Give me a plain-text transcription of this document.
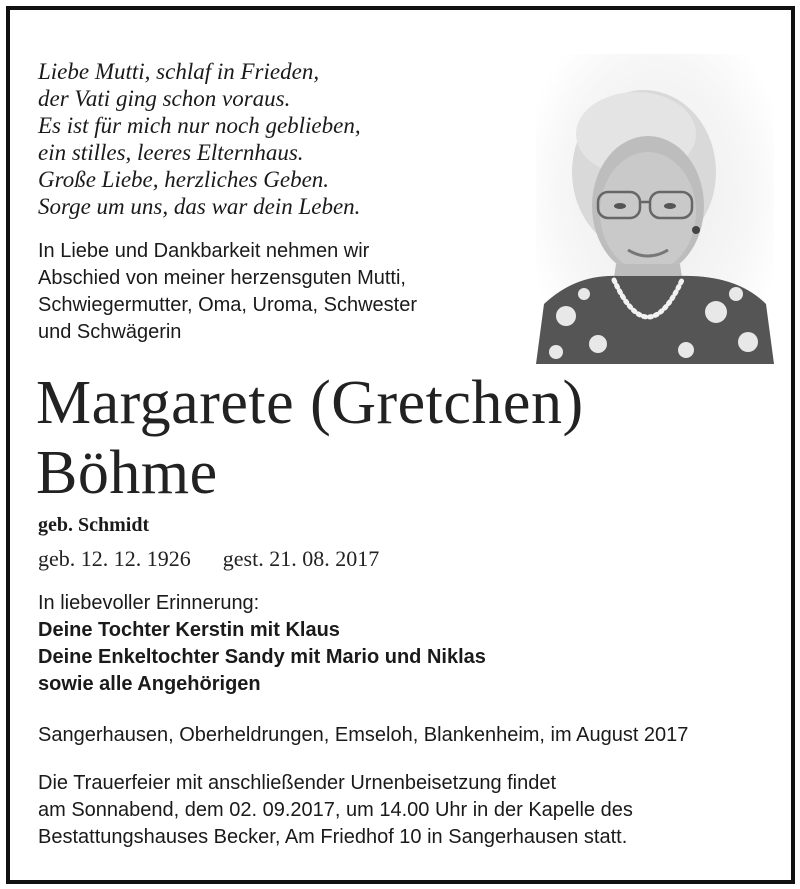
Liebe Mutti, schlaf in Frieden,
der Vati ging schon voraus.
Es ist für mich nur noch geblieben,
ein stilles, leeres Elternhaus.
Große Liebe, herzliches Geben.
Sorge um uns, das war dein Leben.
In Liebe und Dankbarkeit nehmen wir
Abschied von meiner herzensguten Mutti,
Schwiegermutter, Oma, Uroma, Schwester
und Schwägerin
Margarete (Gretchen)
Böhme
geb. Schmidt
geb. 12. 12. 1926 gest. 21. 08. 2017
In liebevoller Erinnerung:
Deine Tochter Kerstin mit Klaus
Deine Enkeltochter Sandy mit Mario und Niklas
sowie alle Angehörigen
Sangerhausen, Oberheldrungen, Emseloh, Blankenheim, im August 2017
Die Trauerfeier mit anschließender Urnenbeisetzung findet
am Sonnabend, dem 02. 09.2017, um 14.00 Uhr in der Kapelle des
Bestattungshauses Becker, Am Friedhof 10 in Sangerhausen statt.
